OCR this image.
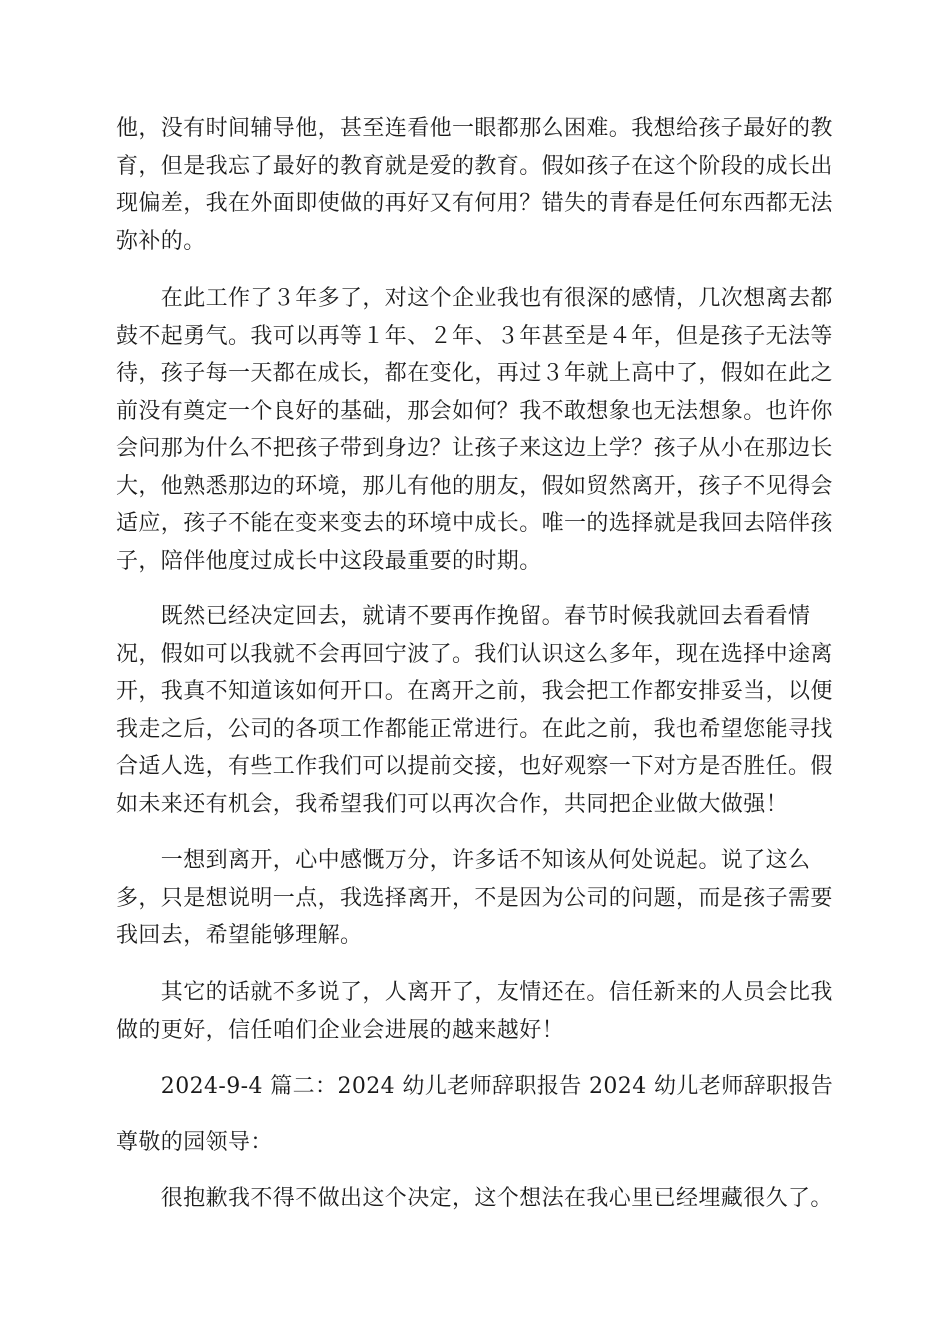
他，没有时间辅导他，甚至连看他一眼都那么困难。我想给孩子最好的教
育，但是我忘了最好的教育就是爱的教育。假如孩子在这个阶段的成长出
现偏差，我在外面即使做的再好又有何用？错失的青春是任何东西都无法
弥补的。
　　在此工作了３年多了，对这个企业我也有很深的感情，几次想离去都
鼓不起勇气。我可以再等１年、２年、３年甚至是４年，但是孩子无法等
待，孩子每一天都在成长，都在变化，再过３年就上高中了，假如在此之
前没有奠定一个良好的基础，那会如何？我不敢想象也无法想象。也许你
会问那为什么不把孩子带到身边？让孩子来这边上学？孩子从小在那边长
大，他熟悉那边的环境，那儿有他的朋友，假如贸然离开，孩子不见得会
适应，孩子不能在变来变去的环境中成长。唯一的选择就是我回去陪伴孩
子，陪伴他度过成长中这段最重要的时期。
　　既然已经决定回去，就请不要再作挽留。春节时候我就回去看看情
况，假如可以我就不会再回宁波了。我们认识这么多年，现在选择中途离
开，我真不知道该如何开口。在离开之前，我会把工作都安排妥当，以便
我走之后，公司的各项工作都能正常进行。在此之前，我也希望您能寻找
合适人选，有些工作我们可以提前交接，也好观察一下对方是否胜任。假
如未来还有机会，我希望我们可以再次合作，共同把企业做大做强！
　　一想到离开，心中感慨万分，许多话不知该从何处说起。说了这么
多，只是想说明一点，我选择离开，不是因为公司的问题，而是孩子需要
我回去，希望能够理解。
　　其它的话就不多说了，人离开了，友情还在。信任新来的人员会比我
做的更好，信任咱们企业会进展的越来越好！
　　2024-9-4 篇二：2024 幼儿老师辞职报告 2024 幼儿老师辞职报告
尊敬的园领导：
　　很抱歉我不得不做出这个决定，这个想法在我心里已经埋藏很久了。
